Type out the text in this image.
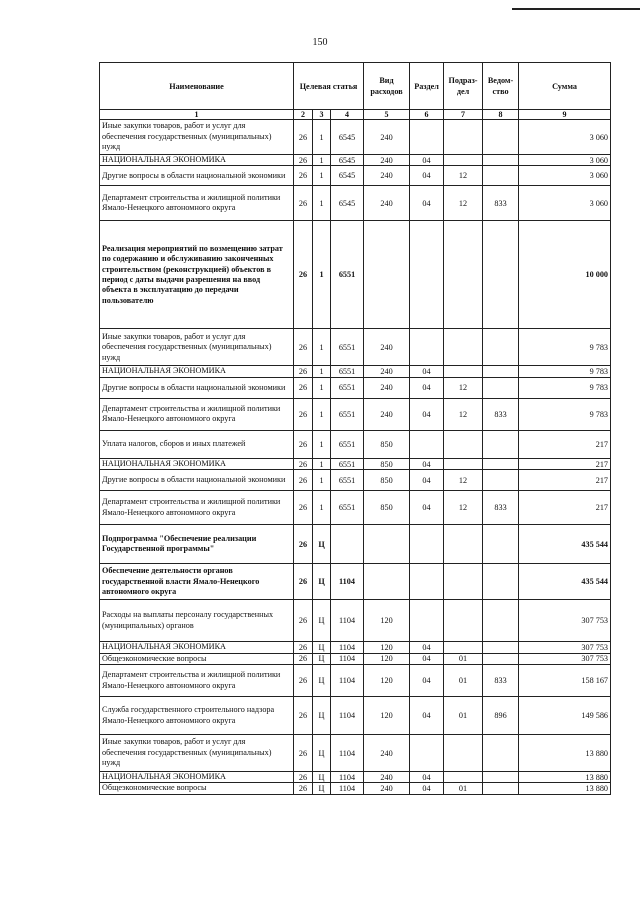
150
Наименование	Целевая статья			Вид расходов	Раздел	Подраз-дел	Ведом-ство	Сумма
1	2	3	4	5	6	7	8	9
Иные закупки товаров, работ и услуг для обеспечения государственных (муниципальных) нужд	26	1	6545	240				3 060
НАЦИОНАЛЬНАЯ ЭКОНОМИКА	26	1	6545	240	04			3 060
Другие вопросы в области национальной экономики	26	1	6545	240	04	12		3 060
Департамент строительства и жилищной политики Ямало-Ненецкого автономного округа	26	1	6545	240	04	12	833	3 060
Реализация мероприятий по возмещению затрат по содержанию и обслуживанию законченных строительством (реконструкцией) объектов в период с даты выдачи разрешения на ввод объекта в эксплуатацию до передачи пользователю	26	1	6551					10 000
Иные закупки товаров, работ и услуг для обеспечения государственных (муниципальных) нужд	26	1	6551	240				9 783
НАЦИОНАЛЬНАЯ ЭКОНОМИКА	26	1	6551	240	04			9 783
Другие вопросы в области национальной экономики	26	1	6551	240	04	12		9 783
Департамент строительства и жилищной политики Ямало-Ненецкого автономного округа	26	1	6551	240	04	12	833	9 783
Уплата налогов, сборов и иных платежей	26	1	6551	850				217
НАЦИОНАЛЬНАЯ ЭКОНОМИКА	26	1	6551	850	04			217
Другие вопросы в области национальной экономики	26	1	6551	850	04	12		217
Департамент строительства и жилищной политики Ямало-Ненецкого автономного округа	26	1	6551	850	04	12	833	217
Подпрограмма "Обеспечение реализации Государственной программы"	26	Ц						435 544
Обеспечение деятельности органов государственной власти Ямало-Ненецкого автономного округа	26	Ц	1104					435 544
Расходы на выплаты персоналу государственных (муниципальных) органов	26	Ц	1104	120				307 753
НАЦИОНАЛЬНАЯ ЭКОНОМИКА	26	Ц	1104	120	04			307 753
Общеэкономические вопросы	26	Ц	1104	120	04	01		307 753
Департамент строительства и жилищной политики Ямало-Ненецкого автономного округа	26	Ц	1104	120	04	01	833	158 167
Служба государственного строительного надзора Ямало-Ненецкого автономного округа	26	Ц	1104	120	04	01	896	149 586
Иные закупки товаров, работ и услуг для обеспечения государственных (муниципальных) нужд	26	Ц	1104	240				13 880
НАЦИОНАЛЬНАЯ ЭКОНОМИКА	26	Ц	1104	240	04			13 880
Общеэкономические вопросы	26	Ц	1104	240	04	01		13 880
